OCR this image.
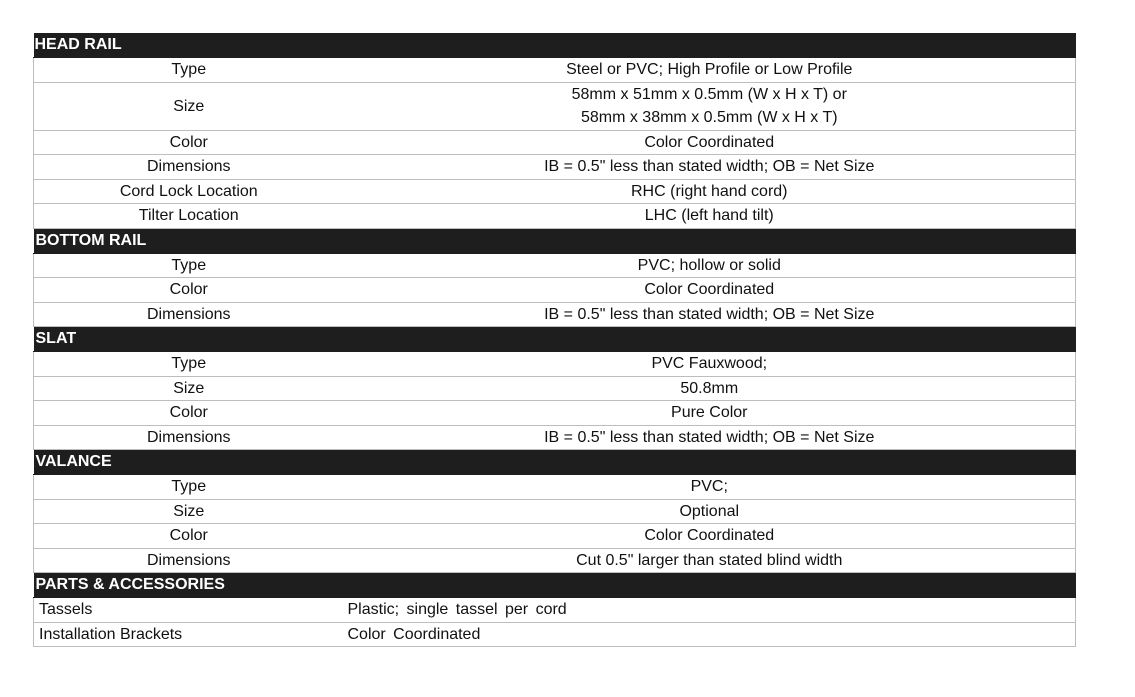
HEAD RAIL	
Type	Steel or PVC; High Profile or Low Profile

Size	58mm x 51mm x 0.5mm (W x H x T) or
58mm x 38mm x 0.5mm (W x H x T)

Color	Color Coordinated

Dimensions	IB = 0.5" less than stated width; OB = Net Size

Cord Lock Location	RHC (right hand cord)

Tilter Location	LHC (left hand tilt)

BOTTOM RAIL	
Type	PVC; hollow or solid

Color	Color Coordinated

Dimensions	IB = 0.5" less than stated width; OB = Net Size

SLAT	
Type	PVC Fauxwood;

Size	50.8mm

Color	Pure Color

Dimensions	IB = 0.5" less than stated width; OB = Net Size

VALANCE	
Type	PVC;

Size	Optional

Color	Color Coordinated

Dimensions	Cut 0.5" larger than stated blind width

PARTS & ACCESSORIES	
Tassels	Plastic; single tassel per cord
Installation Brackets	Color Coordinated
